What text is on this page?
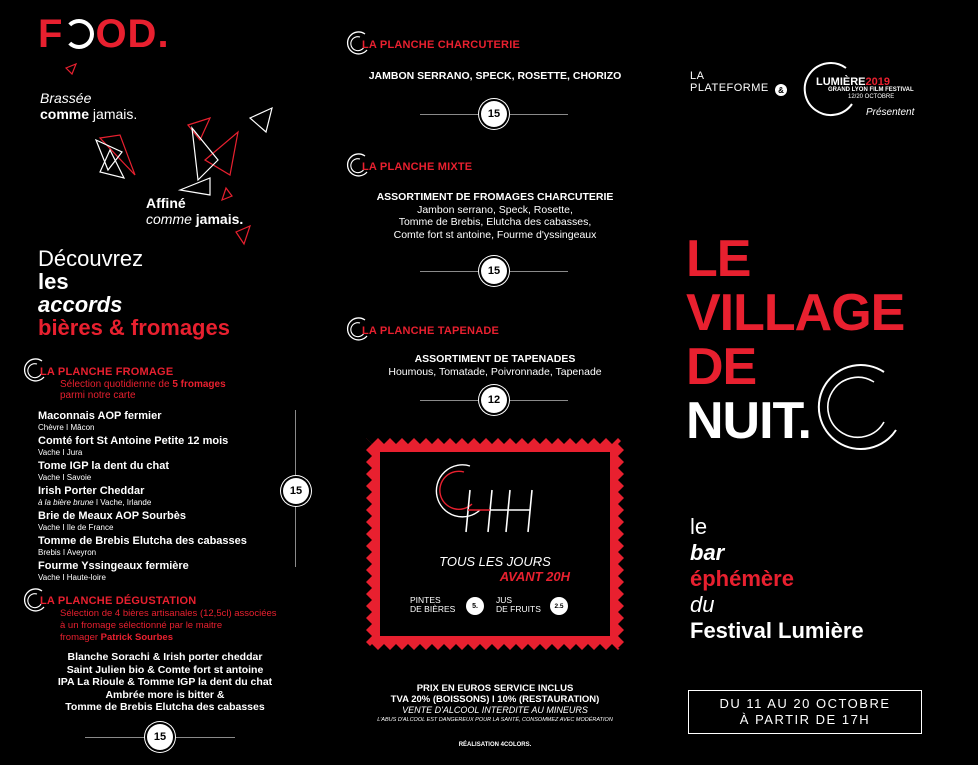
F OD.
Brassée
comme jamais.
Affiné
comme jamais.
Découvrez
les
accords
bières & fromages
LA PLANCHE FROMAGE
Sélection quotidienne de 5 fromages
parmi notre carte
Maconnais AOP fermier
Chèvre I Mâcon
Comté fort St Antoine Petite 12 mois
Vache I Jura
Tome IGP la dent du chat
Vache I Savoie
Irish Porter Cheddar
à la bière brune I Vache, Irlande
Brie de Meaux AOP Sourbès
Vache I Ile de France
Tomme de Brebis Elutcha des cabasses
Brebis I Aveyron
Fourme Yssingeaux fermière
Vache I Haute-loire
15
LA PLANCHE DÉGUSTATION
Sélection de 4 bières artisanales (12,5cl) associées
à un fromage sélectionné par le maitre
fromager Patrick Sourbes
Blanche Sorachi & Irish porter cheddar
Saint Julien bio & Comte fort st antoine
IPA La Rioule & Tomme IGP la dent du chat
Ambrée more is bitter &
Tomme de Brebis Elutcha des cabasses
15
LA PLANCHE CHARCUTERIE
JAMBON SERRANO, SPECK, ROSETTE, CHORIZO
15
LA PLANCHE MIXTE
ASSORTIMENT DE FROMAGES CHARCUTERIE
Jambon serrano, Speck, Rosette,
Tomme de Brebis, Elutcha des cabasses,
Comte fort st antoine, Fourme d'yssingeaux
15
LA PLANCHE TAPENADE
ASSORTIMENT DE TAPENADES
Houmous, Tomatade, Poivronnade, Tapenade
12
TOUS LES JOURS
AVANT 20H
PINTES
DE BIÈRES	5.
JUS
DE FRUITS	2.5
PRIX EN EUROS SERVICE INCLUS
TVA 20% (BOISSONS) I 10% (RESTAURATION)
VENTE D'ALCOOL INTERDITE AU MINEURS
L'ABUS D'ALCOOL EST DANGEREUX POUR LA SANTÉ, CONSOMMEZ AVEC MODÉRATION
RÉALISATION 4COLORS.
LA
PLATEFORME	&
LUMIÈRE2019
GRAND LYON FILM FESTIVAL
12/20 OCTOBRE
Présentent
LE
VILLAGE
DE
NUIT.
le
bar
éphémère
du
Festival Lumière
DU 11 AU 20 OCTOBRE
À PARTIR DE 17H
